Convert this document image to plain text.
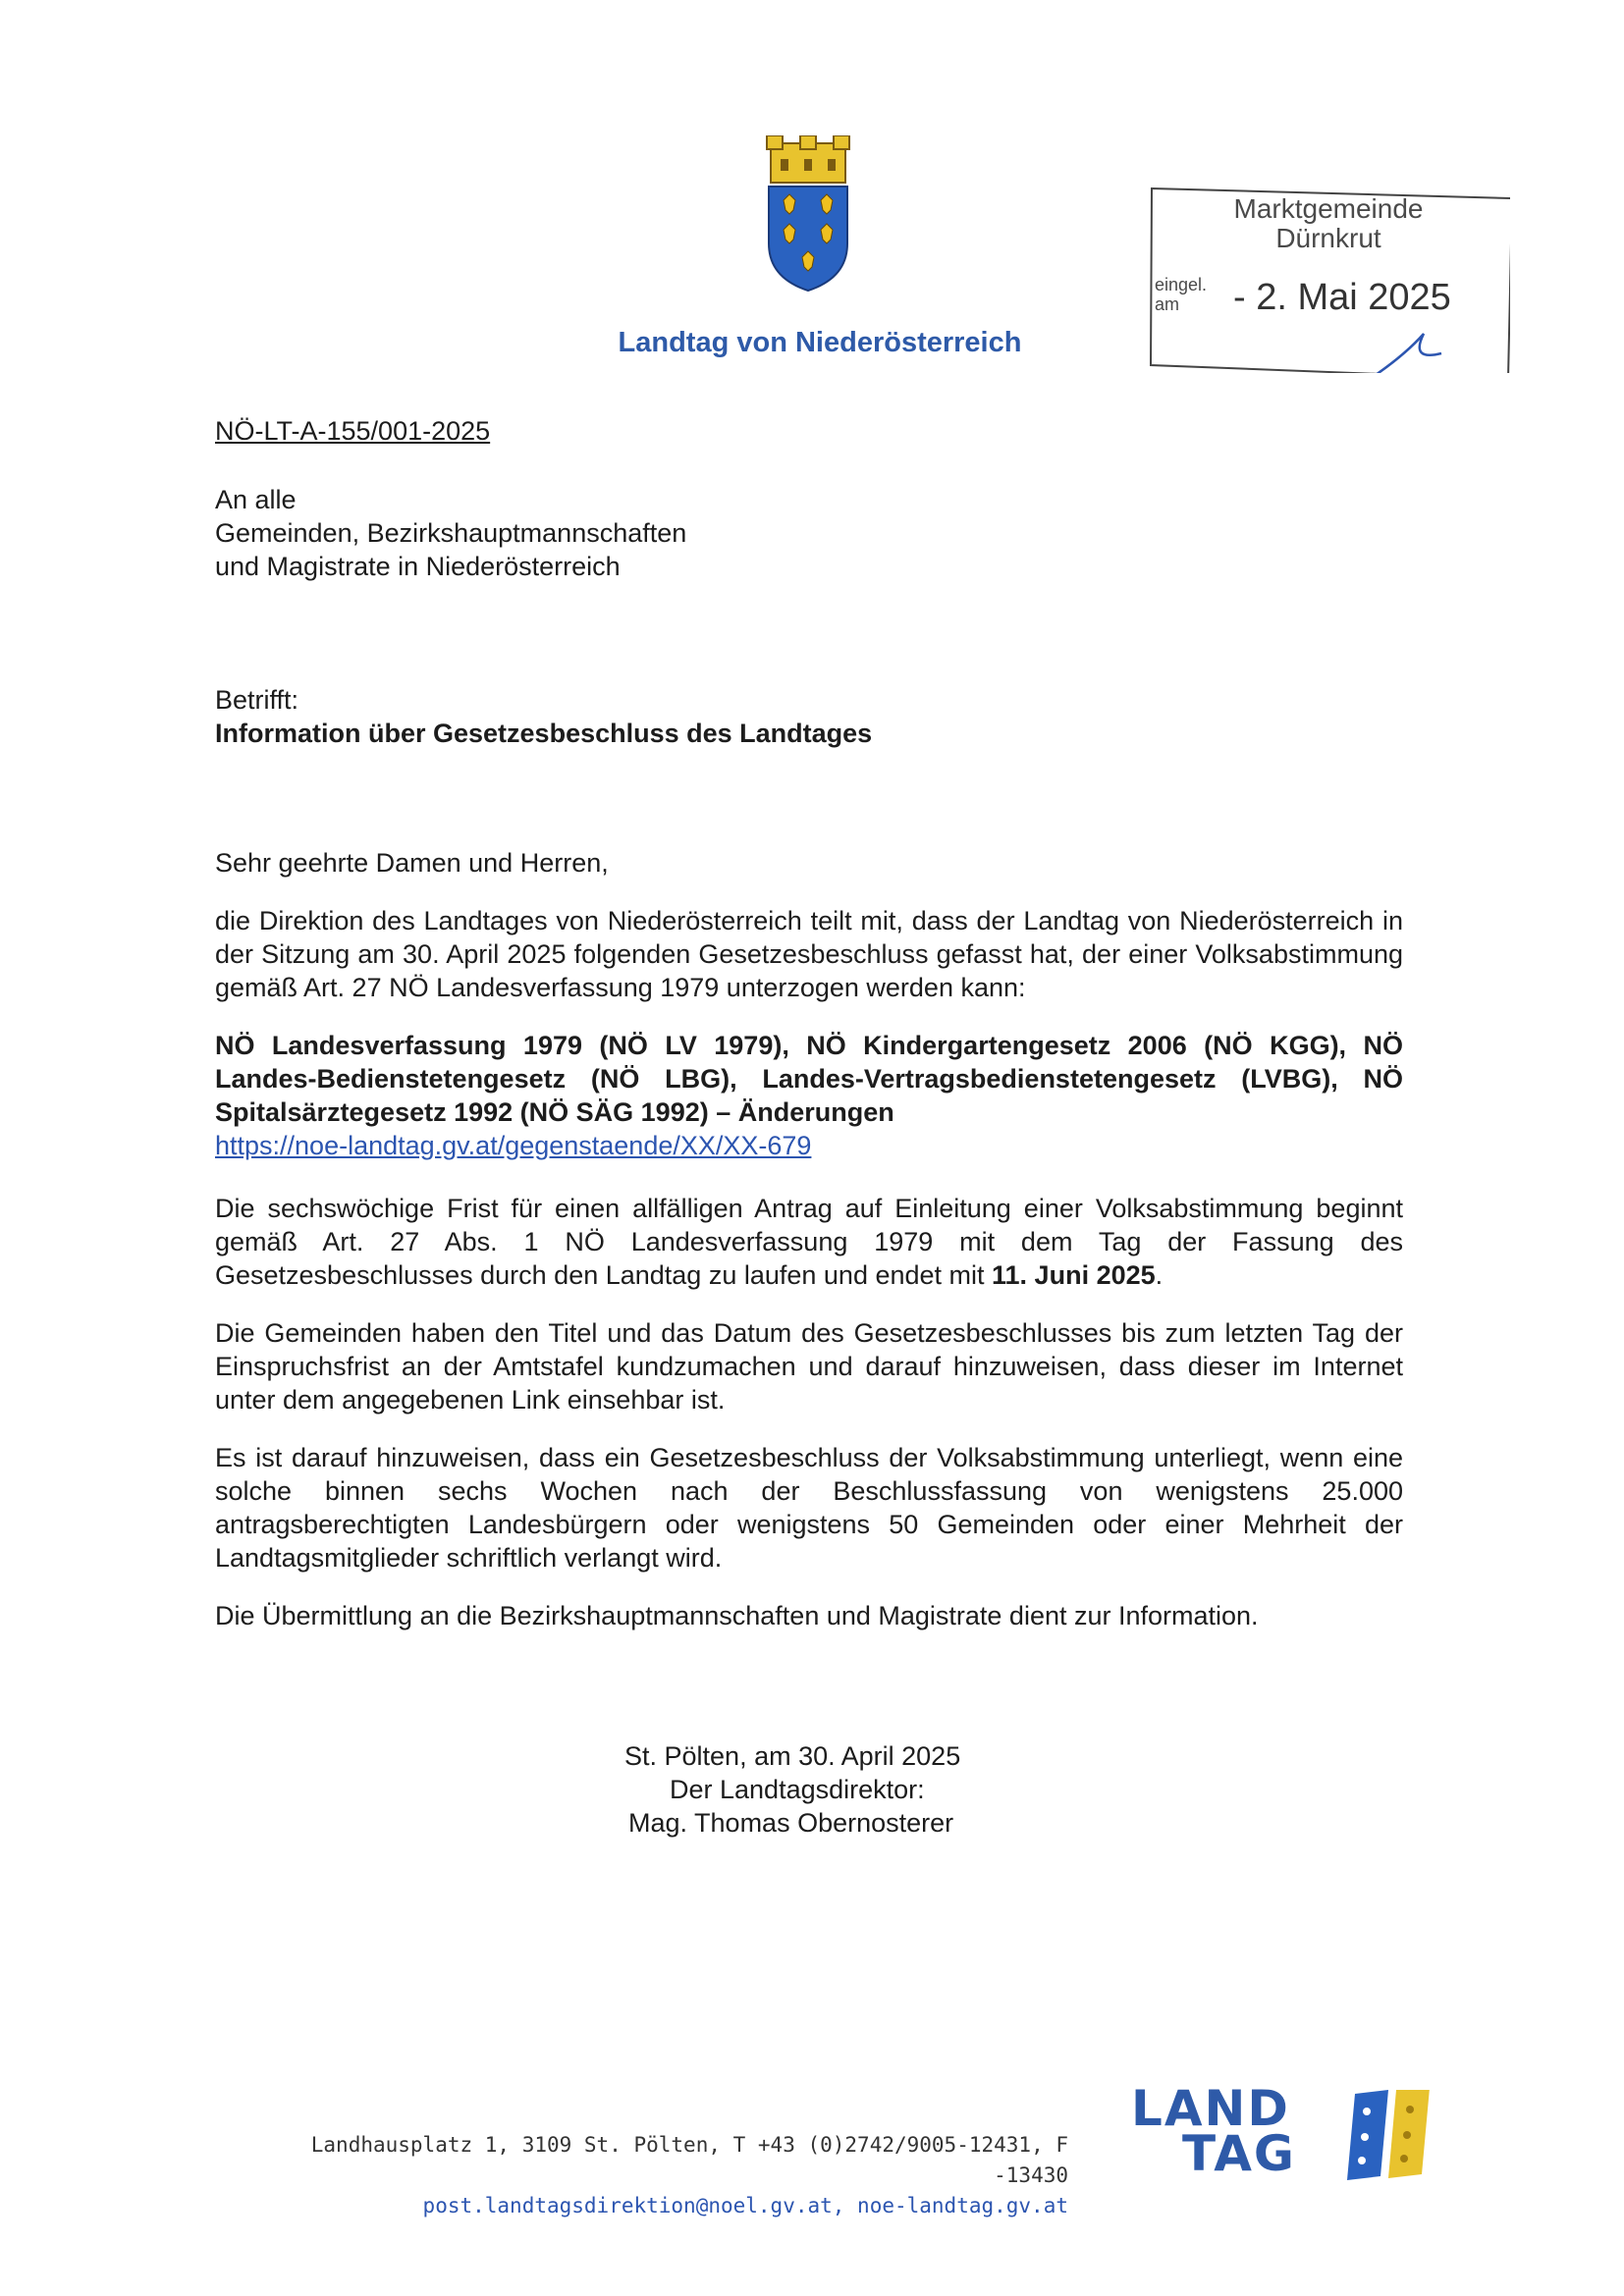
Landtag von Niederösterreich
Marktgemeinde
Dürnkrut
eingel.
am	- 2. Mai 2025
NÖ-LT-A-155/001-2025
An alle
Gemeinden, Bezirkshauptmannschaften
und Magistrate in Niederösterreich
Betrifft:
Information über Gesetzesbeschluss des Landtages

Sehr geehrte Damen und Herren,

die Direktion des Landtages von Niederösterreich teilt mit, dass der Landtag von Niederösterreich in der Sitzung am 30. April 2025 folgenden Gesetzesbeschluss gefasst hat, der einer Volksabstimmung gemäß Art. 27 NÖ Landesverfassung 1979 unterzogen werden kann:

NÖ Landesverfassung 1979 (NÖ LV 1979), NÖ Kindergartengesetz 2006 (NÖ KGG), NÖ Landes-Bedienstetengesetz (NÖ LBG), Landes-Vertragsbedienstetengesetz (LVBG), NÖ Spitalsärztegesetz 1992 (NÖ SÄG 1992) – Änderungen
https://noe-landtag.gv.at/gegenstaende/XX/XX-679

Die sechswöchige Frist für einen allfälligen Antrag auf Einleitung einer Volksabstimmung beginnt gemäß Art. 27 Abs. 1 NÖ Landesverfassung 1979 mit dem Tag der Fassung des Gesetzesbeschlusses durch den Landtag zu laufen und endet mit 11. Juni 2025.

Die Gemeinden haben den Titel und das Datum des Gesetzesbeschlusses bis zum letzten Tag der Einspruchsfrist an der Amtstafel kundzumachen und darauf hinzuweisen, dass dieser im Internet unter dem angegebenen Link einsehbar ist.

Es ist darauf hinzuweisen, dass ein Gesetzesbeschluss der Volksabstimmung unterliegt, wenn eine solche binnen sechs Wochen nach der Beschlussfassung von wenigstens 25.000 antragsberechtigten Landesbürgern oder wenigstens 50 Gemeinden oder einer Mehrheit der Landtagsmitglieder schriftlich verlangt wird.

Die Übermittlung an die Bezirkshauptmannschaften und Magistrate dient zur Information.

St. Pölten, am 30. April 2025
Der Landtagsdirektor:
Mag. Thomas Obernosterer
Landhausplatz 1, 3109 St. Pölten, T +43 (0)2742/9005-12431, F -13430
post.landtagsdirektion@noel.gv.at, noe-landtag.gv.at
LAND
TAG
